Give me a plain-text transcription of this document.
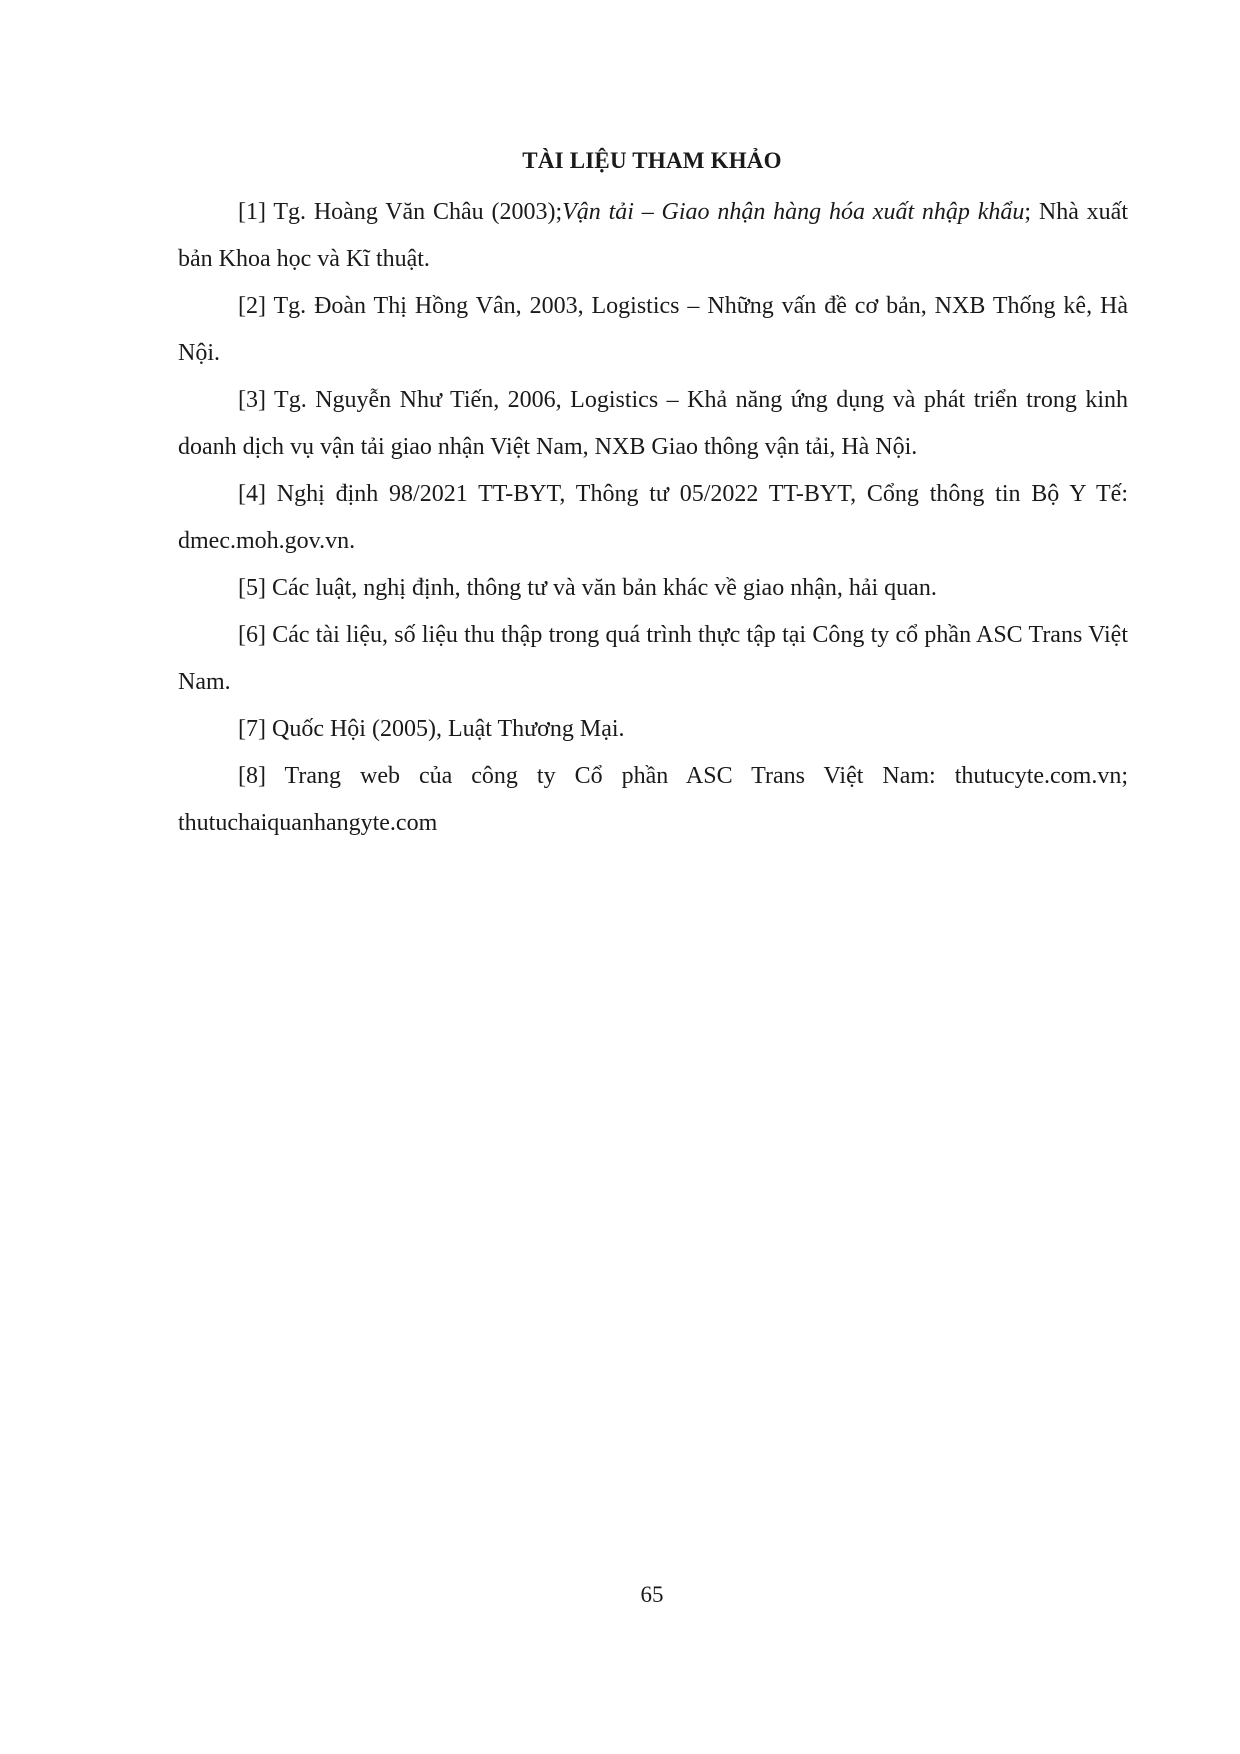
TÀI LIỆU THAM KHẢO

[1] Tg. Hoàng Văn Châu (2003);Vận tải – Giao nhận hàng hóa xuất nhập khẩu; Nhà xuất bản Khoa học và Kĩ thuật.

[2] Tg. Đoàn Thị Hồng Vân, 2003, Logistics – Những vấn đề cơ bản, NXB Thống kê, Hà Nội.

[3] Tg. Nguyễn Như Tiến, 2006, Logistics – Khả năng ứng dụng và phát triển trong kinh doanh dịch vụ vận tải giao nhận Việt Nam, NXB Giao thông vận tải, Hà Nội.

[4] Nghị định 98/2021 TT-BYT, Thông tư 05/2022 TT-BYT, Cổng thông tin Bộ Y Tế: dmec.moh.gov.vn.

[5] Các luật, nghị định, thông tư và văn bản khác về giao nhận, hải quan.

[6] Các tài liệu, số liệu thu thập trong quá trình thực tập tại Công ty cổ phần ASC Trans Việt Nam.

[7] Quốc Hội (2005), Luật Thương Mại.

[8] Trang web của công ty Cổ phần ASC Trans Việt Nam: thutucyte.com.vn; thutuchaiquanhangyte.com

65
